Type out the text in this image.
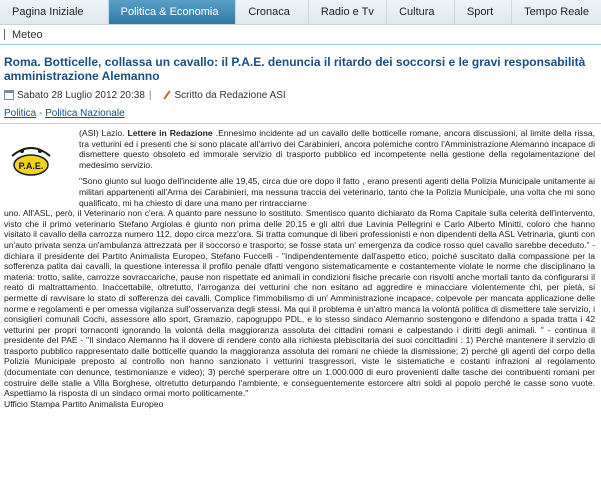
Pagina Iniziale	Politica & Economia	Cronaca	Radio e Tv	Cultura	Sport	Tempo Reale
Meteo
Roma. Botticelle, collassa un cavallo: il P.A.E. denuncia il ritardo dei soccorsi e le gravi responsabilità amministrazione Alemanno
Sabato 28 Luglio 2012 20:38 | Scritto da Redazione ASI
Politica - Politica Nazionale
P.A.E.

(ASI) Lazio. Lettere in Redazione .Ennesimo incidente ad un cavallo delle botticelle romane, ancora discussioni, al limite della rissa, tra vetturini ed i presenti che si sono placate all'arrivo dei Carabinieri, ancora polemiche contro l'Amministrazione Alemanno incapace di dismettere questo obsoleto ed immorale servizio di trasporto pubblico ed incompetente nella gestione della regolamentazione del medesimo servizio.

"Sono giunto sul luogo dell'incidente alle 19,45, circa due ore dopo il fatto , erano presenti agenti della Polizia Municipale unitamente ai militari appartenenti all'Arma dei Carabinieri, ma nessuna traccia dei veterinario, tanto che la Polizia Municipale, una volta che mi sono qualificato, mi ha chiesto di dare una mano per rintracciarne

uno. All'ASL, però, il Veterinario non c'era. A quanto pare nessuno lo sostituto. Smentisco quanto dichiarato da Roma Capitale sulla celerità dell'intervento, visto che il primo veterinario Stefano Argiolas è giunto non prima delle 20,15 e gli altri due Lavinia Pellegrini e Carlo Alberto Minitti, coloro che hanno visitato il cavallo della carrozza numero 112, dopo circa mezz'ora. Si tratta comunque di liberi professionisti e non dipendenti della ASL Vetrinaria, giunti con un'auto privata senza un'ambulanza attrezzata per il soccorso e trasporto; se fosse stata un' emergenza da codice rosso quel cavallo sarebbe deceduto." - dichiara il presidente del Partito Animalista Europeo, Stefano Fuccelli - "Indipendentemente dall'aspetto etico, poiché suscitato dalla compassione per la sofferenza patita dai cavalli, la questione interessa il profilo penale dfatti vengono sistematicamente e costantemente violate le norme che disciplinano la materia: trotto, salite, carrozze sovraccariche, pause non rispettate ed animali in condizioni fisiche precarie con risvolti anche mortali tanto da configurarsi il reato di maltrattamento. Inaccettabile, oltretutto, l'arroganza dei vetturini che non esitano ad aggredire e minacciare violentemente chi, per pietà, si permette di ravvisare lo stato di sofferenza dei cavalli. Complice l'immobilismo di un' Amministrazione incapace, colpevole per mancata applicazione delle norme e regolamenti e per omessa vigilanza sull'osservanza degli stessi. Ma qui il problema è un'altro manca la volontà politica di dismettere tale servizio, i consiglieri comunali Cochi, assessore allo sport, Gramazio, capogruppo PDL, e lo stesso sindaco Alemanno sostengono e difendono a spada tratta i 42 vetturini per propri tornaconti ignorando la volontà della maggioranza assoluta dei cittadini romani e calpestando i diritti degli animali. " - continua il presidente del PAE - "Il sindaco Alemanno ha il dovere di rendere conto alla richiesta plebiscitaria dei suoi concittadini : 1) Perché mantenere il servizio di trasporto pubblico rappresentato dalle botticelle quando la maggioranza assoluta dei romani ne chiede la dismissione; 2) perché gli agenti del corpo della Polizia Municipale preposto al controllo non hanno sanzionato i vetturini trasgressori, viste le sistematiche e costanti infrazioni al regolamento (documentate con denunce, testimonianze e video); 3) perché sperperare oltre un 1.000.000 di euro provenienti dalle tasche dei contribuenti romani per costruire delle stalle a Villa Borghese, oltretutto deturpando l'ambiente, e conseguentemente estorcere altri soldi al popolo perché le casse sono vuote. Aspettiamo la risposta di un sindaco ormai morto politicamente."

Ufficio Stampa Partito Animalista Europeo
